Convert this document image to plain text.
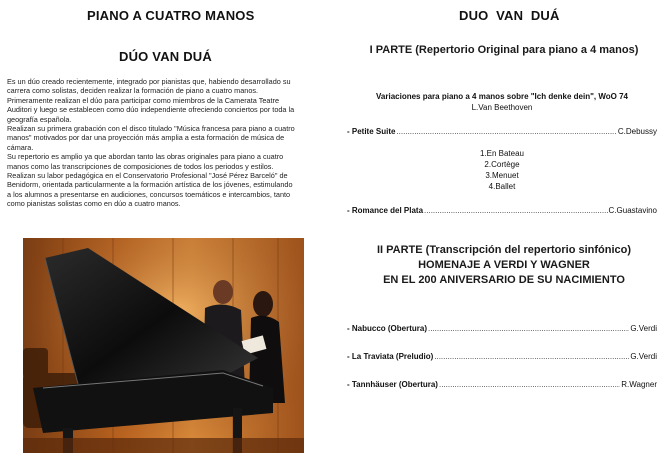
PIANO A CUATRO MANOS
DÚO VAN DUÁ

Es un dúo creado recientemente, integrado por pianistas que, habiendo desarrollado su carrera como solistas, deciden realizar la formación de piano a cuatro manos.

Primeramente realizan el dúo para participar como miembros de la Camerata Teatre Auditori y luego se establecen como dúo independiente ofreciendo conciertos por toda la geografía española.

Realizan su primera grabación con el disco titulado "Música francesa para piano a cuatro manos" motivados por dar una proyección más amplia a esta formación de música de cámara.

Su repertorio es amplio ya que abordan tanto las obras originales para piano a cuatro manos como las transcripciones de composiciones de todos los periodos y estilos.

Realizan su labor pedagógica en el Conservatorio Profesional "José Pérez Barceló" de Benidorm, orientada particularmente a la formación artística de los jóvenes, estimulando a los alumnos a presentarse en audiciones, concursos toemáticos e intercambios, tanto como pianistas solistas como en dúo a cuatro manos.

DUO  VAN  DUÁ
I PARTE (Repertorio Original para piano a 4 manos)
Variaciones para piano a 4 manos sobre "Ich denke dein", WoO 74
L.Van Beethoven
- Petite Suite .....	C.Debussy
1.En Bateau
2.Cortège
3.Menuet
4.Ballet
- Romance del Plata .....	C.Guastavino
II PARTE (Transcripción del repertorio sinfónico)
HOMENAJE A VERDI Y WAGNER
EN EL 200 ANIVERSARIO DE SU NACIMIENTO
- Nabucco (Obertura) .....	G.Verdi
- La Traviata (Preludio) .....	G.Verdi
- Tannhäuser (Obertura) .....	R.Wagner
